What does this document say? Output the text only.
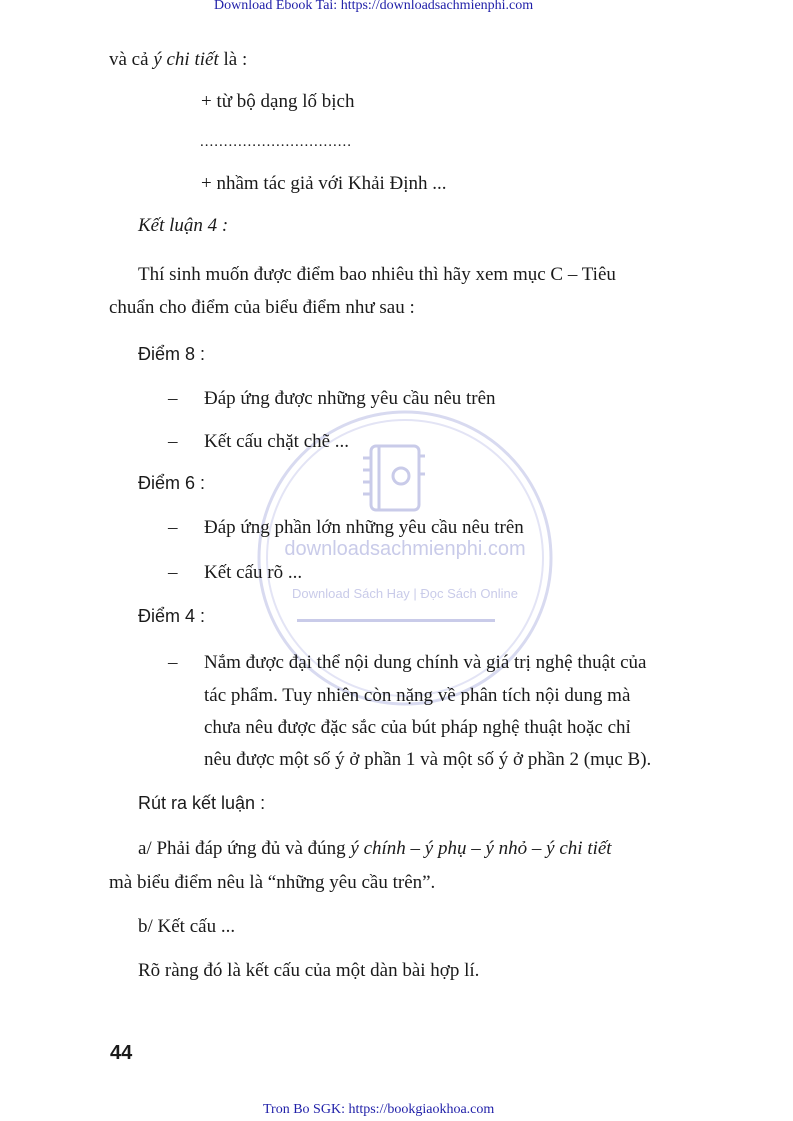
Download Ebook Tai: https://downloadsachmienphi.com
downloadsachmienphi.com
Download Sách Hay | Đọc Sách Online
và cả ý chi tiết là :
+ từ bộ dạng lố bịch
................................
+ nhầm tác giả với Khải Định ...
Kết luận 4 :
Thí sinh muốn được điểm bao nhiêu thì hãy xem mục C – Tiêu
chuẩn cho điểm của biểu điểm như sau :
Điểm 8 :
– Đáp ứng được những yêu cầu nêu trên
– Kết cấu chặt chẽ ...
Điểm 6 :
– Đáp ứng phần lớn những yêu cầu nêu trên
– Kết cấu rõ ...
Điểm 4 :
– Nắm được đại thể nội dung chính và giá trị nghệ thuật của
tác phẩm. Tuy nhiên còn nặng về phân tích nội dung mà
chưa nêu được đặc sắc của bút pháp nghệ thuật hoặc chỉ
nêu được một số ý ở phần 1 và một số ý ở phần 2 (mục B).
Rút ra kết luận :
a/ Phải đáp ứng đủ và đúng ý chính – ý phụ – ý nhỏ – ý chi tiết
mà biểu điểm nêu là “những yêu cầu trên”.
b/ Kết cấu ...
Rõ ràng đó là kết cấu của một dàn bài hợp lí.
44
Tron Bo SGK: https://bookgiaokhoa.com
